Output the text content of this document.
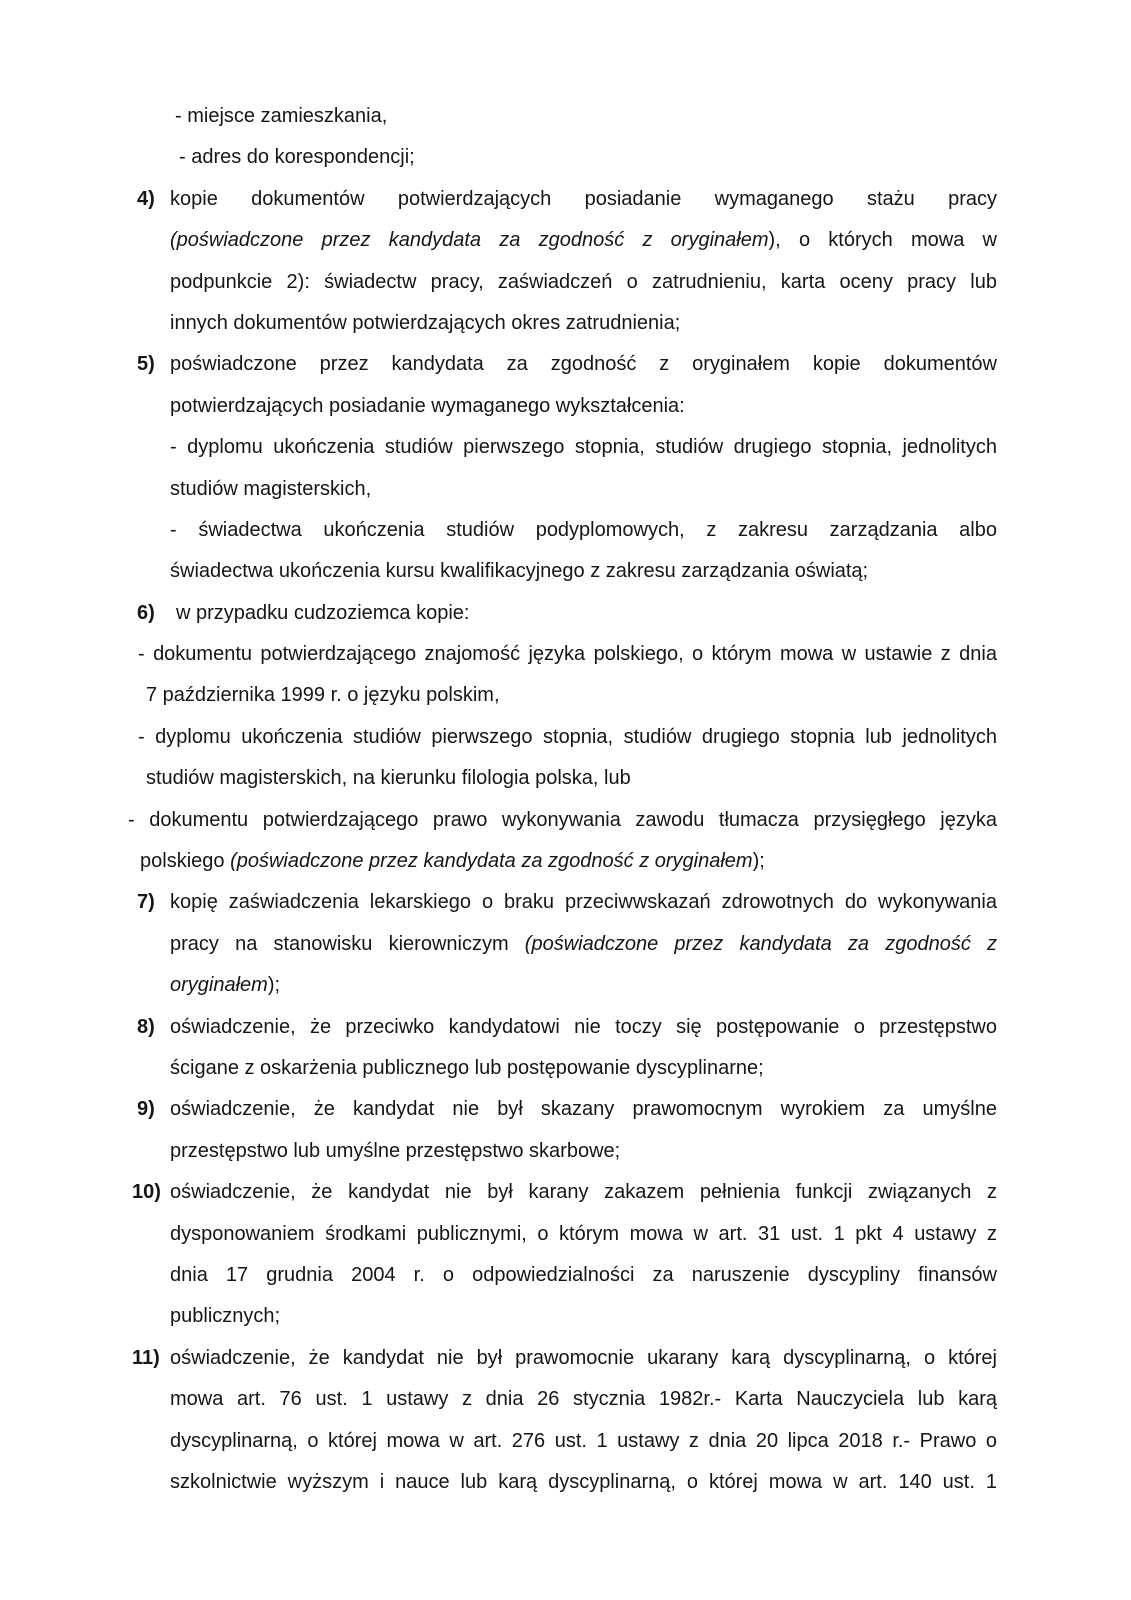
- miejsce zamieszkania,
- adres do korespondencji;
4) kopie dokumentów potwierdzających posiadanie wymaganego stażu pracy
(poświadczone przez kandydata za zgodność z oryginałem), o których mowa w
podpunkcie 2): świadectw pracy, zaświadczeń o zatrudnieniu, karta oceny pracy lub
innych dokumentów potwierdzających okres zatrudnienia;
5) poświadczone przez kandydata za zgodność z oryginałem kopie dokumentów
potwierdzających posiadanie wymaganego wykształcenia:
- dyplomu ukończenia studiów pierwszego stopnia, studiów drugiego stopnia, jednolitych
studiów magisterskich,
- świadectwa ukończenia studiów podyplomowych, z zakresu zarządzania albo
świadectwa ukończenia kursu kwalifikacyjnego z zakresu zarządzania oświatą;
6) w przypadku cudzoziemca kopie:
- dokumentu potwierdzającego znajomość języka polskiego, o którym mowa w ustawie z dnia
7 października 1999 r. o języku polskim,
- dyplomu ukończenia studiów pierwszego stopnia, studiów drugiego stopnia lub jednolitych
studiów magisterskich, na kierunku filologia polska, lub
- dokumentu potwierdzającego prawo wykonywania zawodu tłumacza przysięgłego języka
polskiego (poświadczone przez kandydata za zgodność z oryginałem);
7) kopię zaświadczenia lekarskiego o braku przeciwwskazań zdrowotnych do wykonywania
pracy na stanowisku kierowniczym (poświadczone przez kandydata za zgodność z
oryginałem);
8) oświadczenie, że przeciwko kandydatowi nie toczy się postępowanie o przestępstwo
ścigane z oskarżenia publicznego lub postępowanie dyscyplinarne;
9) oświadczenie, że kandydat nie był skazany prawomocnym wyrokiem za umyślne
przestępstwo lub umyślne przestępstwo skarbowe;
10) oświadczenie, że kandydat nie był karany zakazem pełnienia funkcji związanych z
dysponowaniem środkami publicznymi, o którym mowa w art. 31 ust. 1 pkt 4 ustawy z
dnia 17 grudnia 2004 r. o odpowiedzialności za naruszenie dyscypliny finansów
publicznych;
11) oświadczenie, że kandydat nie był prawomocnie ukarany karą dyscyplinarną, o której
mowa art. 76 ust. 1 ustawy z dnia 26 stycznia 1982r.- Karta Nauczyciela lub karą
dyscyplinarną, o której mowa w art. 276 ust. 1 ustawy z dnia 20 lipca 2018 r.- Prawo o
szkolnictwie wyższym i nauce lub karą dyscyplinarną, o której mowa w art. 140 ust. 1
